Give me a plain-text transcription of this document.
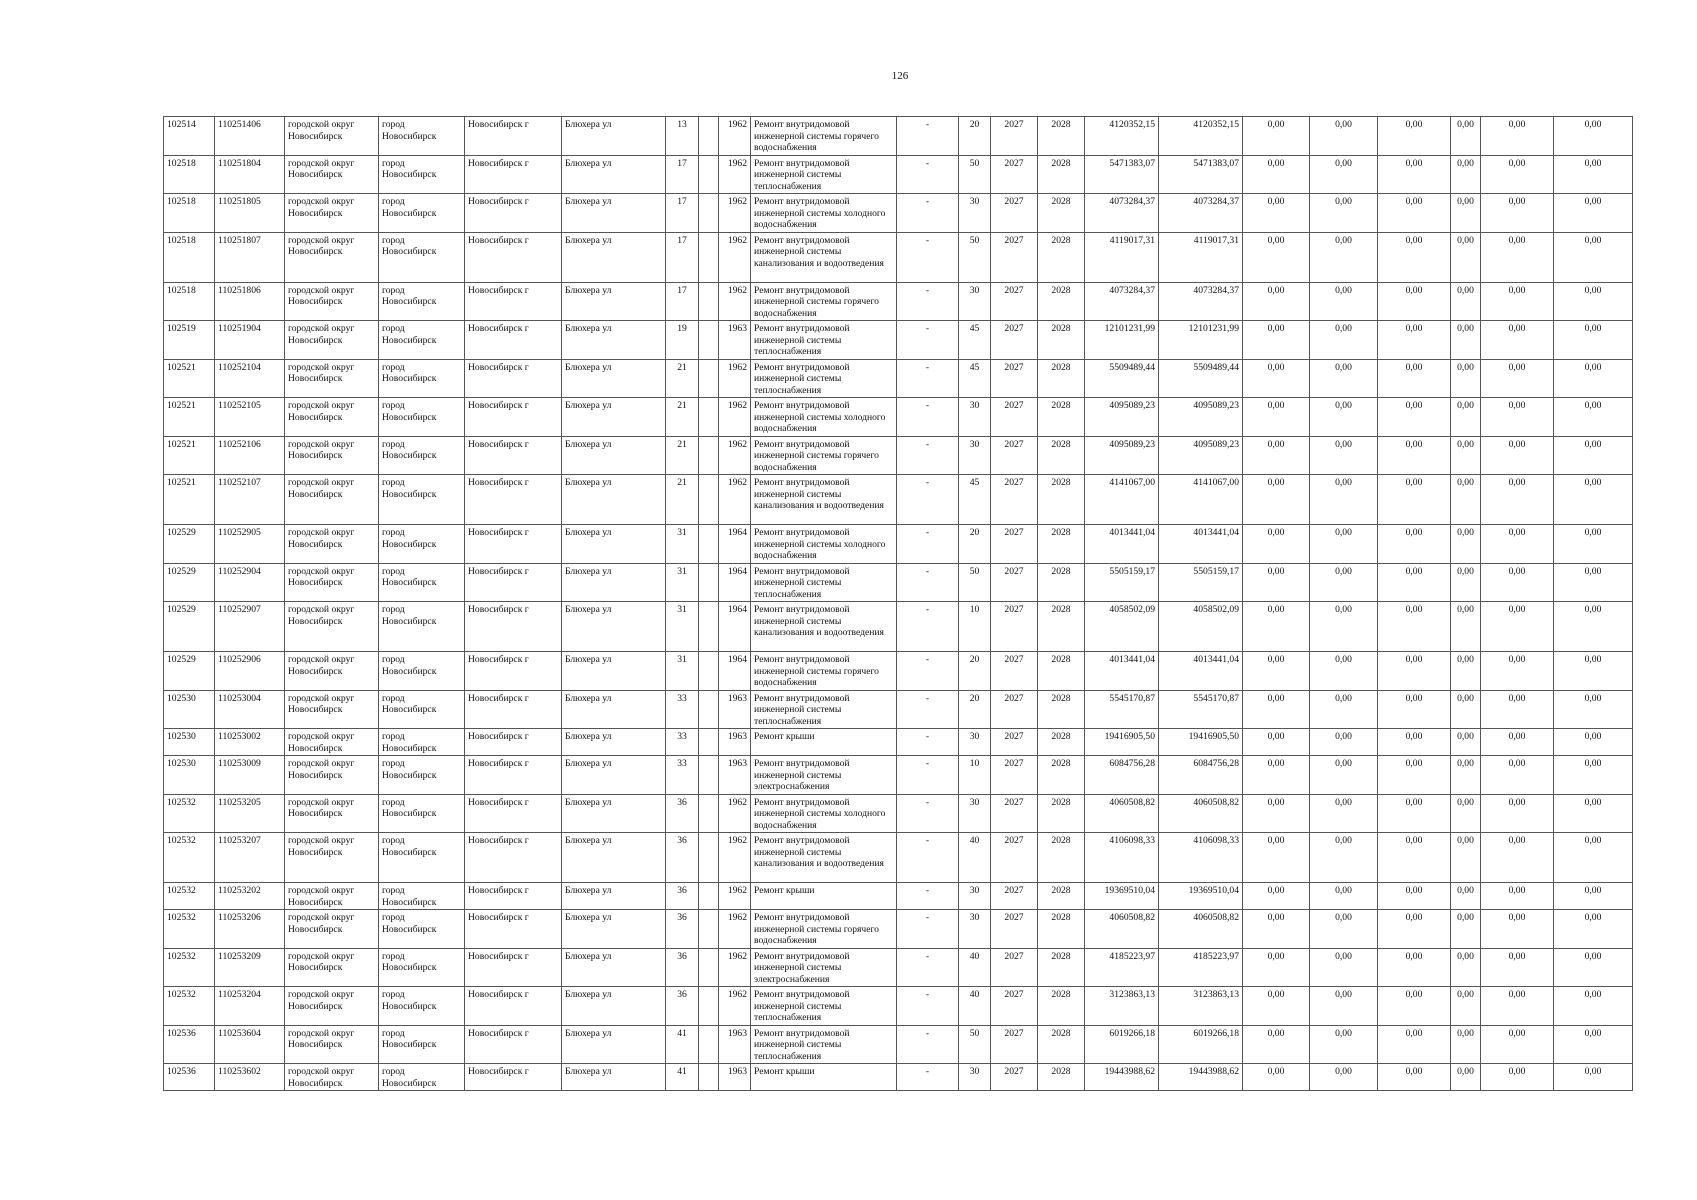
126
102514	110251406	городской округ Новосибирск	город Новосибирск	Новосибирск г	Блюхера ул	13		1962	Ремонт внутридомовой инженерной системы горячего водоснабжения	-	20	2027	2028	4120352,15	4120352,15	0,00	0,00	0,00	0,00	0,00	0,00
102518	110251804	городской округ Новосибирск	город Новосибирск	Новосибирск г	Блюхера ул	17		1962	Ремонт внутридомовой инженерной системы теплоснабжения	-	50	2027	2028	5471383,07	5471383,07	0,00	0,00	0,00	0,00	0,00	0,00
102518	110251805	городской округ Новосибирск	город Новосибирск	Новосибирск г	Блюхера ул	17		1962	Ремонт внутридомовой инженерной системы холодного водоснабжения	-	30	2027	2028	4073284,37	4073284,37	0,00	0,00	0,00	0,00	0,00	0,00
102518	110251807	городской округ Новосибирск	город Новосибирск	Новосибирск г	Блюхера ул	17		1962	Ремонт внутридомовой инженерной системы канализования и водоотведения	-	50	2027	2028	4119017,31	4119017,31	0,00	0,00	0,00	0,00	0,00	0,00
102518	110251806	городской округ Новосибирск	город Новосибирск	Новосибирск г	Блюхера ул	17		1962	Ремонт внутридомовой инженерной системы горячего водоснабжения	-	30	2027	2028	4073284,37	4073284,37	0,00	0,00	0,00	0,00	0,00	0,00
102519	110251904	городской округ Новосибирск	город Новосибирск	Новосибирск г	Блюхера ул	19		1963	Ремонт внутридомовой инженерной системы теплоснабжения	-	45	2027	2028	12101231,99	12101231,99	0,00	0,00	0,00	0,00	0,00	0,00
102521	110252104	городской округ Новосибирск	город Новосибирск	Новосибирск г	Блюхера ул	21		1962	Ремонт внутридомовой инженерной системы теплоснабжения	-	45	2027	2028	5509489,44	5509489,44	0,00	0,00	0,00	0,00	0,00	0,00
102521	110252105	городской округ Новосибирск	город Новосибирск	Новосибирск г	Блюхера ул	21		1962	Ремонт внутридомовой инженерной системы холодного водоснабжения	-	30	2027	2028	4095089,23	4095089,23	0,00	0,00	0,00	0,00	0,00	0,00
102521	110252106	городской округ Новосибирск	город Новосибирск	Новосибирск г	Блюхера ул	21		1962	Ремонт внутридомовой инженерной системы горячего водоснабжения	-	30	2027	2028	4095089,23	4095089,23	0,00	0,00	0,00	0,00	0,00	0,00
102521	110252107	городской округ Новосибирск	город Новосибирск	Новосибирск г	Блюхера ул	21		1962	Ремонт внутридомовой инженерной системы канализования и водоотведения	-	45	2027	2028	4141067,00	4141067,00	0,00	0,00	0,00	0,00	0,00	0,00
102529	110252905	городской округ Новосибирск	город Новосибирск	Новосибирск г	Блюхера ул	31		1964	Ремонт внутридомовой инженерной системы холодного водоснабжения	-	20	2027	2028	4013441,04	4013441,04	0,00	0,00	0,00	0,00	0,00	0,00
102529	110252904	городской округ Новосибирск	город Новосибирск	Новосибирск г	Блюхера ул	31		1964	Ремонт внутридомовой инженерной системы теплоснабжения	-	50	2027	2028	5505159,17	5505159,17	0,00	0,00	0,00	0,00	0,00	0,00
102529	110252907	городской округ Новосибирск	город Новосибирск	Новосибирск г	Блюхера ул	31		1964	Ремонт внутридомовой инженерной системы канализования и водоотведения	-	10	2027	2028	4058502,09	4058502,09	0,00	0,00	0,00	0,00	0,00	0,00
102529	110252906	городской округ Новосибирск	город Новосибирск	Новосибирск г	Блюхера ул	31		1964	Ремонт внутридомовой инженерной системы горячего водоснабжения	-	20	2027	2028	4013441,04	4013441,04	0,00	0,00	0,00	0,00	0,00	0,00
102530	110253004	городской округ Новосибирск	город Новосибирск	Новосибирск г	Блюхера ул	33		1963	Ремонт внутридомовой инженерной системы теплоснабжения	-	20	2027	2028	5545170,87	5545170,87	0,00	0,00	0,00	0,00	0,00	0,00
102530	110253002	городской округ Новосибирск	город Новосибирск	Новосибирск г	Блюхера ул	33		1963	Ремонт крыши	-	30	2027	2028	19416905,50	19416905,50	0,00	0,00	0,00	0,00	0,00	0,00
102530	110253009	городской округ Новосибирск	город Новосибирск	Новосибирск г	Блюхера ул	33		1963	Ремонт внутридомовой инженерной системы электроснабжения	-	10	2027	2028	6084756,28	6084756,28	0,00	0,00	0,00	0,00	0,00	0,00
102532	110253205	городской округ Новосибирск	город Новосибирск	Новосибирск г	Блюхера ул	36		1962	Ремонт внутридомовой инженерной системы холодного водоснабжения	-	30	2027	2028	4060508,82	4060508,82	0,00	0,00	0,00	0,00	0,00	0,00
102532	110253207	городской округ Новосибирск	город Новосибирск	Новосибирск г	Блюхера ул	36		1962	Ремонт внутридомовой инженерной системы канализования и водоотведения	-	40	2027	2028	4106098,33	4106098,33	0,00	0,00	0,00	0,00	0,00	0,00
102532	110253202	городской округ Новосибирск	город Новосибирск	Новосибирск г	Блюхера ул	36		1962	Ремонт крыши	-	30	2027	2028	19369510,04	19369510,04	0,00	0,00	0,00	0,00	0,00	0,00
102532	110253206	городской округ Новосибирск	город Новосибирск	Новосибирск г	Блюхера ул	36		1962	Ремонт внутридомовой инженерной системы горячего водоснабжения	-	30	2027	2028	4060508,82	4060508,82	0,00	0,00	0,00	0,00	0,00	0,00
102532	110253209	городской округ Новосибирск	город Новосибирск	Новосибирск г	Блюхера ул	36		1962	Ремонт внутридомовой инженерной системы электроснабжения	-	40	2027	2028	4185223,97	4185223,97	0,00	0,00	0,00	0,00	0,00	0,00
102532	110253204	городской округ Новосибирск	город Новосибирск	Новосибирск г	Блюхера ул	36		1962	Ремонт внутридомовой инженерной системы теплоснабжения	-	40	2027	2028	3123863,13	3123863,13	0,00	0,00	0,00	0,00	0,00	0,00
102536	110253604	городской округ Новосибирск	город Новосибирск	Новосибирск г	Блюхера ул	41		1963	Ремонт внутридомовой инженерной системы теплоснабжения	-	50	2027	2028	6019266,18	6019266,18	0,00	0,00	0,00	0,00	0,00	0,00
102536	110253602	городской округ Новосибирск	город Новосибирск	Новосибирск г	Блюхера ул	41		1963	Ремонт крыши	-	30	2027	2028	19443988,62	19443988,62	0,00	0,00	0,00	0,00	0,00	0,00
